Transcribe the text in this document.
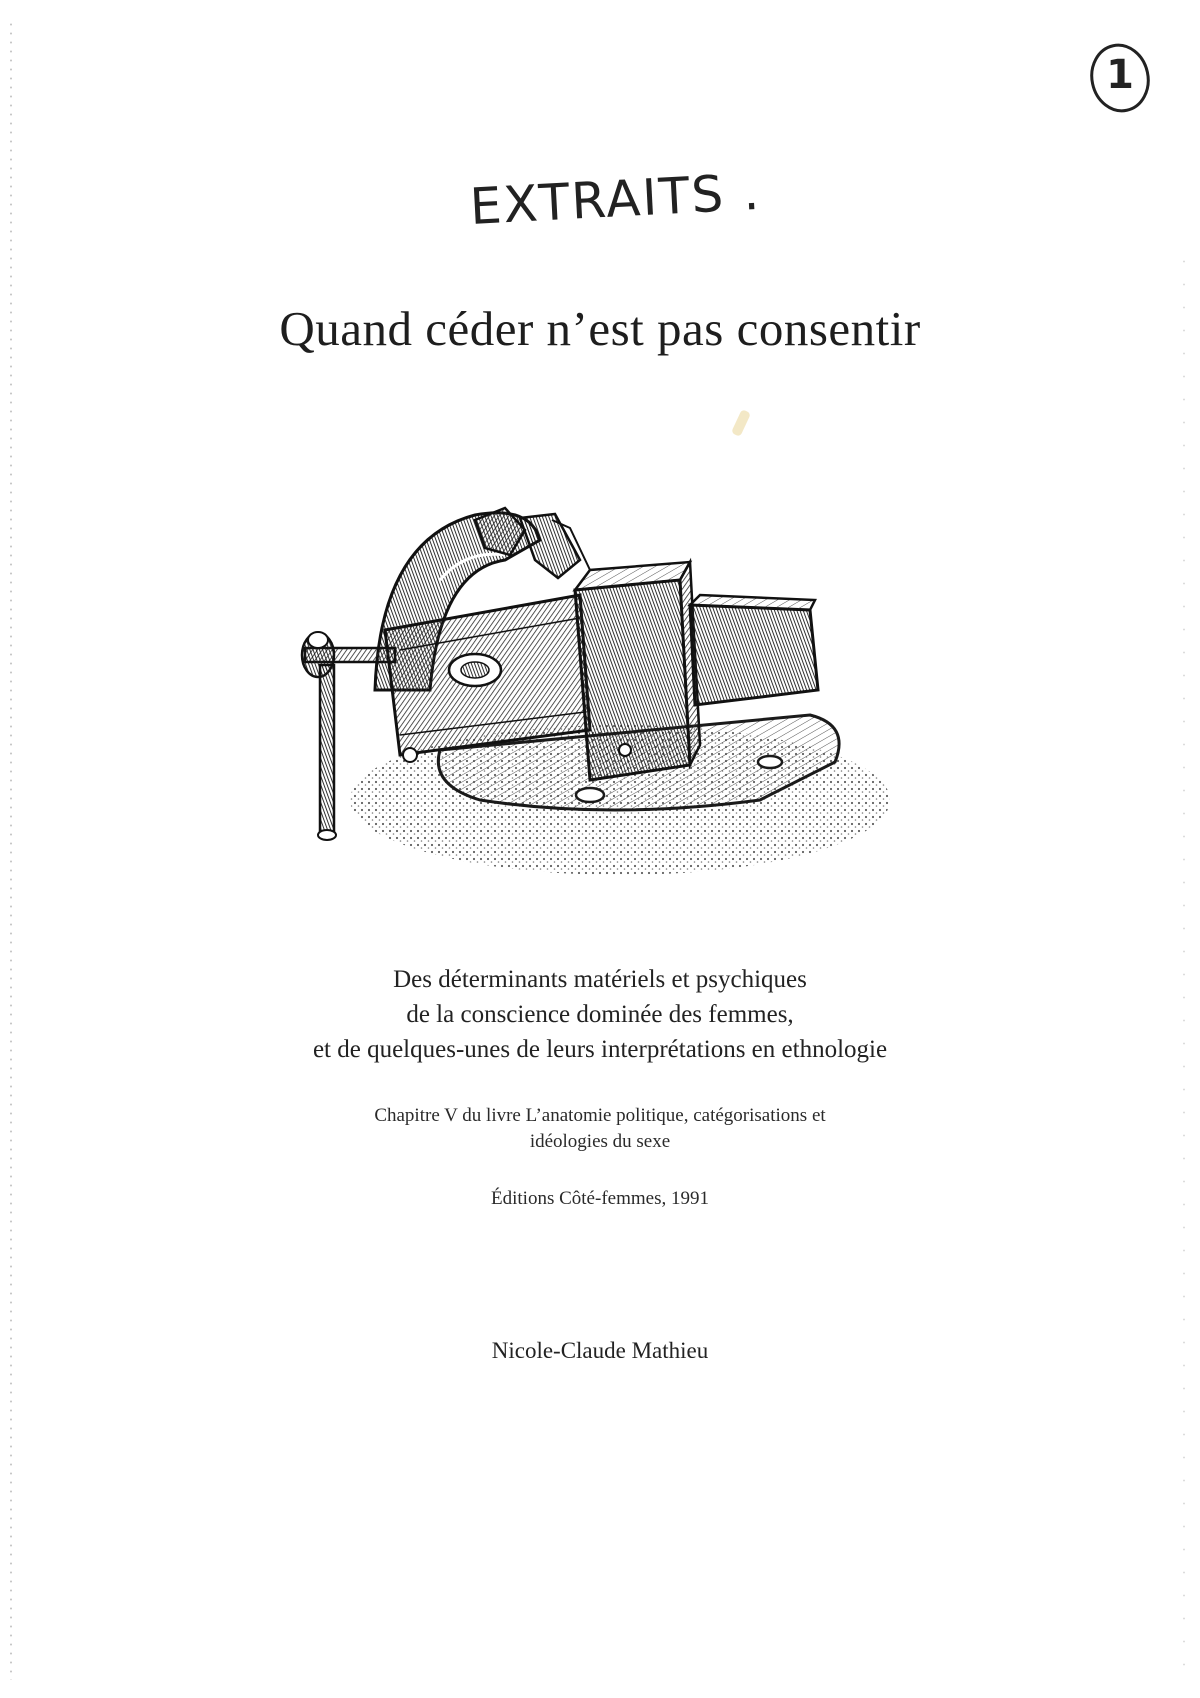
1
EXTRAITS .
Quand céder n’est pas consentir
Des déterminants matériels et psychiques
de la conscience dominée des femmes,
et de quelques-unes de leurs interprétations en ethnologie
Chapitre V du livre L’anatomie politique, catégorisations et
idéologies du sexe
Éditions Côté-femmes, 1991
Nicole-Claude Mathieu
